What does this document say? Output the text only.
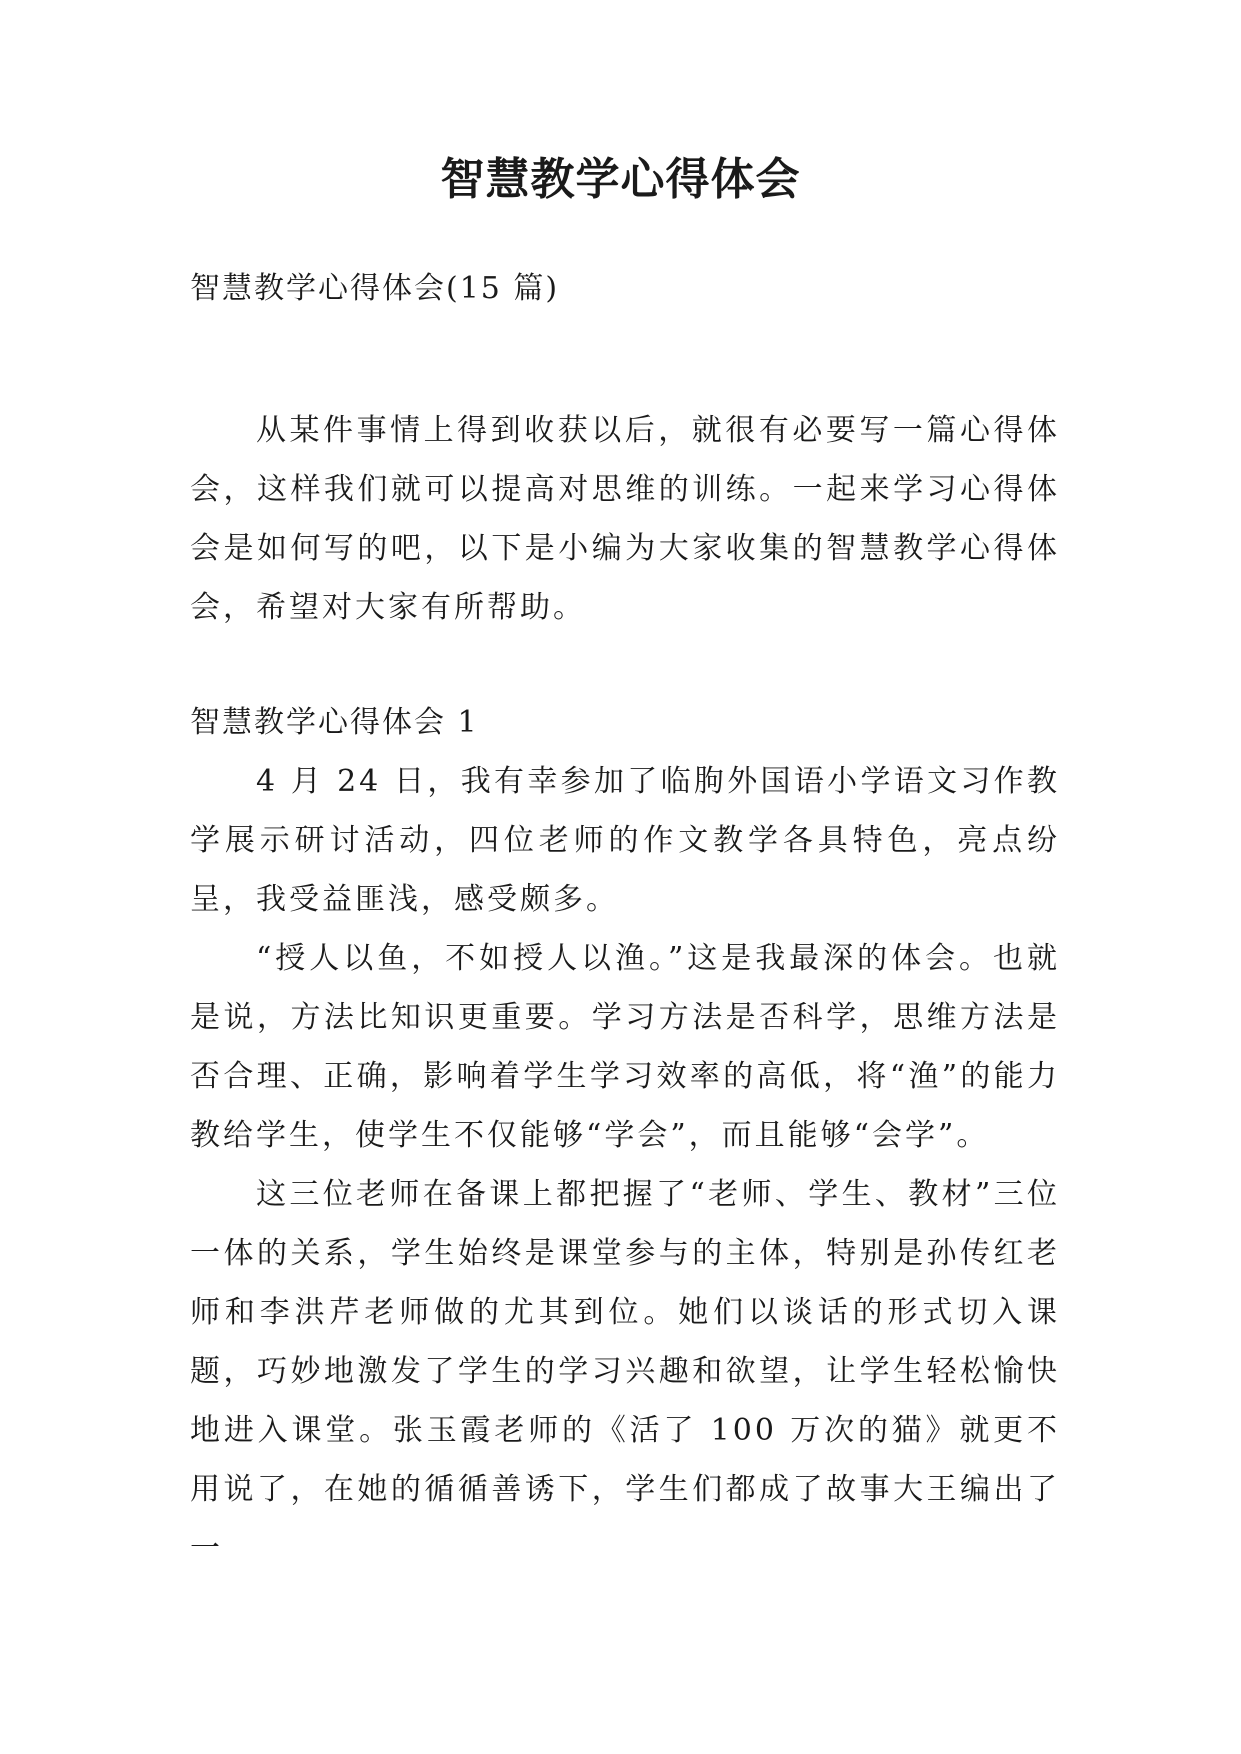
智慧教学心得体会
智慧教学心得体会(15 篇)

从某件事情上得到收获以后，就很有必要写一篇心得体会，这样我们就可以提高对思维的训练。一起来学习心得体会是如何写的吧，以下是小编为大家收集的智慧教学心得体会，希望对大家有所帮助。

智慧教学心得体会 1

4 月 24 日，我有幸参加了临朐外国语小学语文习作教学展示研讨活动，四位老师的作文教学各具特色，亮点纷呈，我受益匪浅，感受颇多。

“授人以鱼，不如授人以渔。”这是我最深的体会。也就是说，方法比知识更重要。学习方法是否科学，思维方法是否合理、正确，影响着学生学习效率的高低，将“渔”的能力教给学生，使学生不仅能够“学会”，而且能够“会学”。

这三位老师在备课上都把握了“老师、学生、教材”三位一体的关系，学生始终是课堂参与的主体，特别是孙传红老师和李洪芹老师做的尤其到位。她们以谈话的形式切入课题，巧妙地激发了学生的学习兴趣和欲望，让学生轻松愉快地进入课堂。张玉霞老师的《活了 100 万次的猫》就更不用说了，在她的循循善诱下，学生们都成了故事大王编出了一
